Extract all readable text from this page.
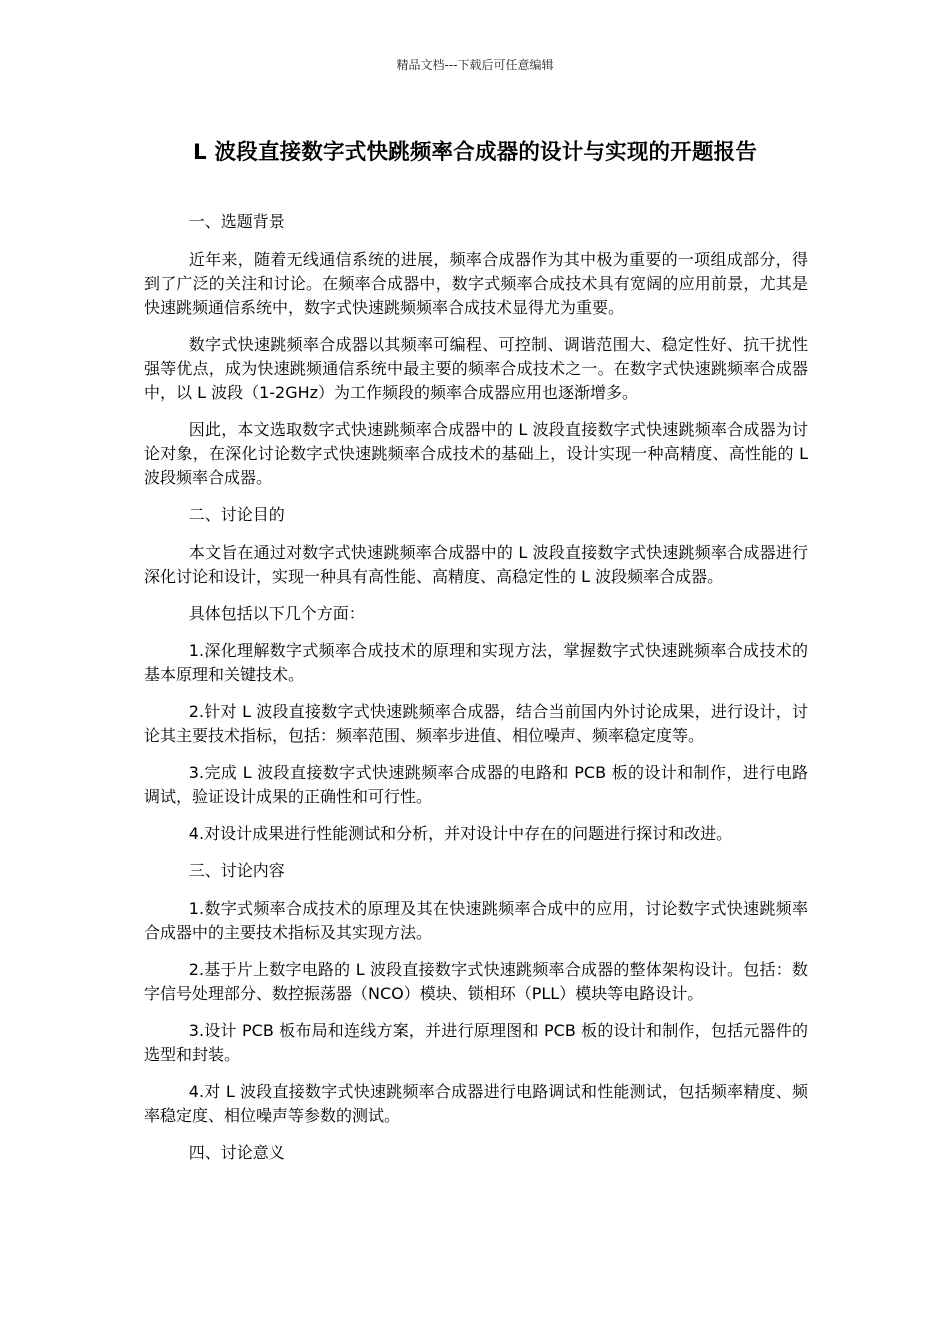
精品文档---下载后可任意编辑
L 波段直接数字式快跳频率合成器的设计与实现的开题报告

一、选题背景

近年来，随着无线通信系统的进展，频率合成器作为其中极为重要的一项组成部分，得到了广泛的关注和讨论。在频率合成器中，数字式频率合成技术具有宽阔的应用前景，尤其是快速跳频通信系统中，数字式快速跳频频率合成技术显得尤为重要。

数字式快速跳频率合成器以其频率可编程、可控制、调谐范围大、稳定性好、抗干扰性强等优点，成为快速跳频通信系统中最主要的频率合成技术之一。在数字式快速跳频率合成器中，以 L 波段（1-2GHz）为工作频段的频率合成器应用也逐渐增多。

因此，本文选取数字式快速跳频率合成器中的 L 波段直接数字式快速跳频率合成器为讨论对象，在深化讨论数字式快速跳频率合成技术的基础上，设计实现一种高精度、高性能的 L 波段频率合成器。

二、讨论目的

本文旨在通过对数字式快速跳频率合成器中的 L 波段直接数字式快速跳频率合成器进行深化讨论和设计，实现一种具有高性能、高精度、高稳定性的 L 波段频率合成器。

具体包括以下几个方面：

1.深化理解数字式频率合成技术的原理和实现方法，掌握数字式快速跳频率合成技术的基本原理和关键技术。

2.针对 L 波段直接数字式快速跳频率合成器，结合当前国内外讨论成果，进行设计，讨论其主要技术指标，包括：频率范围、频率步进值、相位噪声、频率稳定度等。

3.完成 L 波段直接数字式快速跳频率合成器的电路和 PCB 板的设计和制作，进行电路调试，验证设计成果的正确性和可行性。

4.对设计成果进行性能测试和分析，并对设计中存在的问题进行探讨和改进。

三、讨论内容

1.数字式频率合成技术的原理及其在快速跳频率合成中的应用，讨论数字式快速跳频率合成器中的主要技术指标及其实现方法。

2.基于片上数字电路的 L 波段直接数字式快速跳频率合成器的整体架构设计。包括：数字信号处理部分、数控振荡器（NCO）模块、锁相环（PLL）模块等电路设计。

3.设计 PCB 板布局和连线方案，并进行原理图和 PCB 板的设计和制作，包括元器件的选型和封装。

4.对 L 波段直接数字式快速跳频率合成器进行电路调试和性能测试，包括频率精度、频率稳定度、相位噪声等参数的测试。

四、讨论意义
